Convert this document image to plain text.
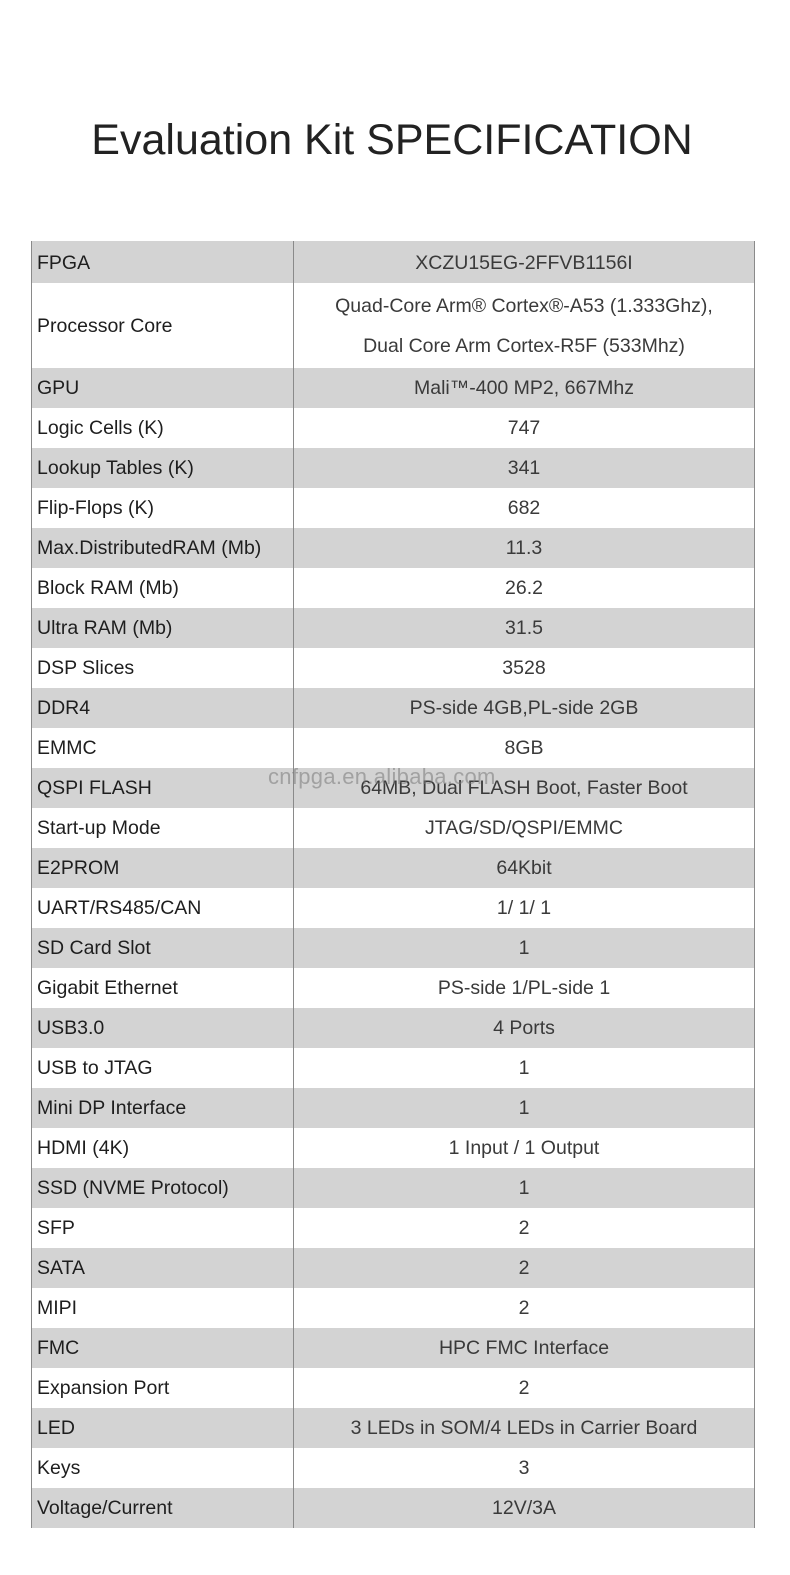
Evaluation Kit SPECIFICATION
FPGA	XCZU15EG-2FFVB1156I
Processor Core	Quad-Core Arm® Cortex®-A53 (1.333Ghz),
Dual Core Arm Cortex-R5F (533Mhz)

GPU	Mali™-400 MP2, 667Mhz
Logic Cells (K)	747
Lookup Tables (K)	341
Flip-Flops (K)	682
Max.DistributedRAM (Mb)	11.3
Block RAM (Mb)	26.2
Ultra RAM (Mb)	31.5
DSP Slices	3528
DDR4	PS-side 4GB,PL-side 2GB
EMMC	8GB
QSPI FLASH	64MB, Dual FLASH Boot, Faster Boot
Start-up Mode	JTAG/SD/QSPI/EMMC
E2PROM	64Kbit
UART/RS485/CAN	1/ 1/ 1
SD Card Slot	1
Gigabit Ethernet	PS-side 1/PL-side 1
USB3.0	4 Ports
USB to JTAG	1
Mini DP Interface	1
HDMI (4K)	1 Input / 1 Output
SSD (NVME Protocol)	1
SFP	2
SATA	2
MIPI	2
FMC	HPC FMC Interface
Expansion Port	2
LED	3 LEDs in SOM/4 LEDs in Carrier Board
Keys	3
Voltage/Current	12V/3A
cnfpga.en.alibaba.com
